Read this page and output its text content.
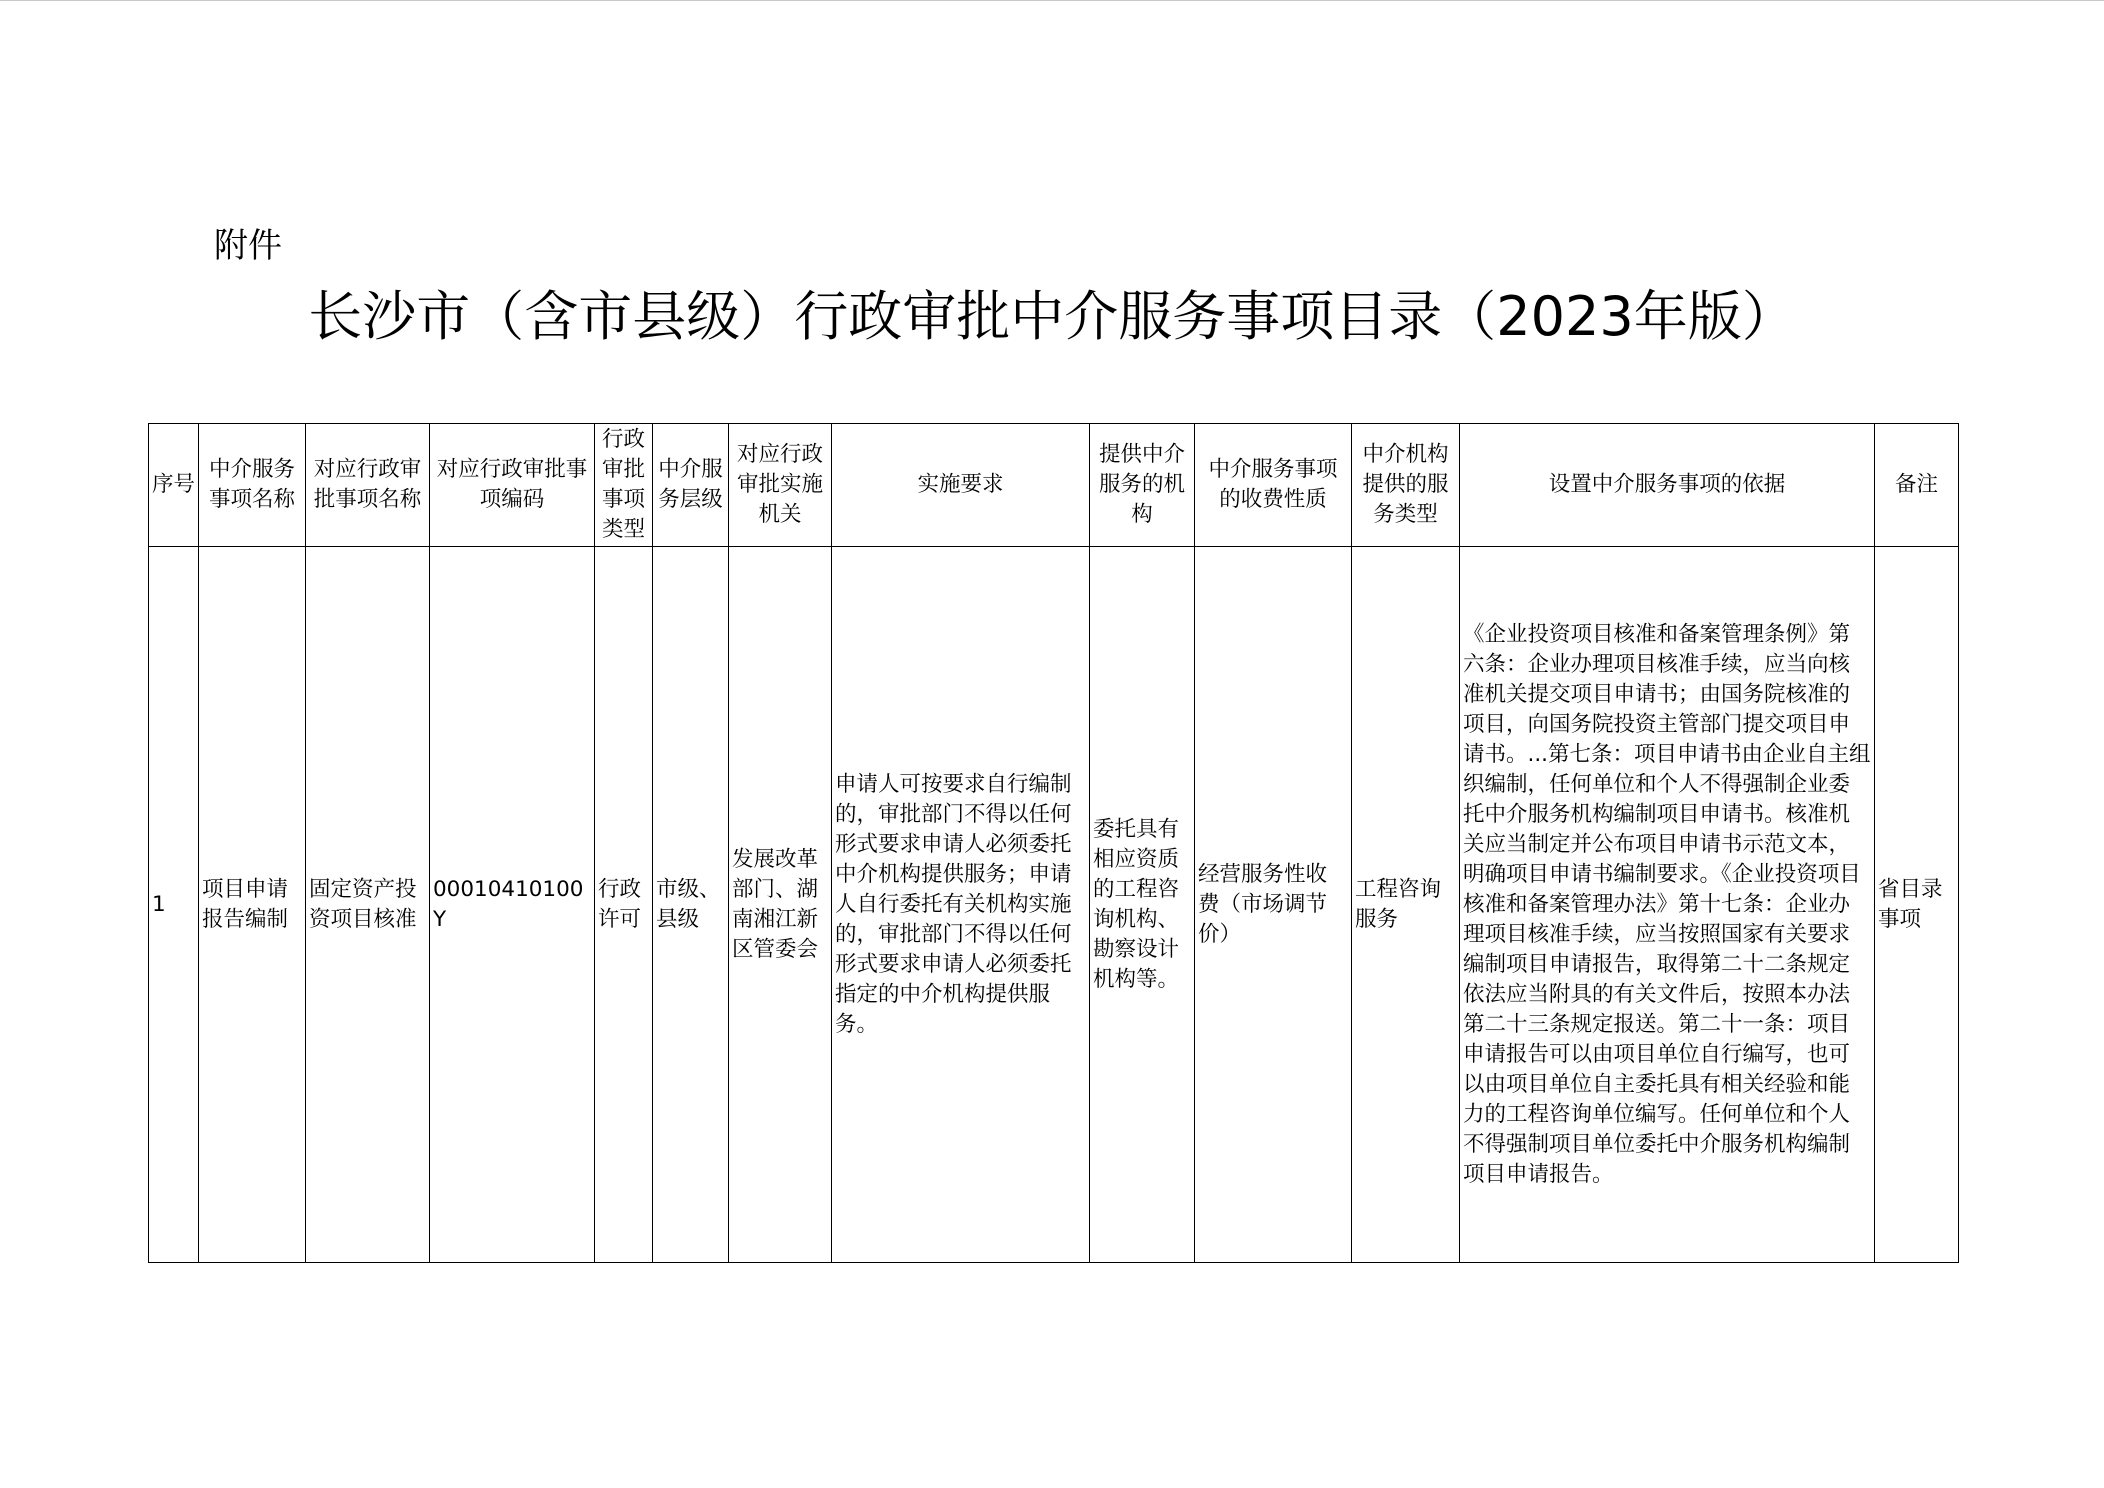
附件
长沙市（含市县级）行政审批中介服务事项目录（2023年版）
序号	中介服务事项名称	对应行政审批事项名称	对应行政审批事项编码	行政审批事项类型	中介服务层级	对应行政审批实施机关	实施要求	提供中介服务的机构	中介服务事项的收费性质	中介机构提供的服务类型	设置中介服务事项的依据	备注
1	项目申请报告编制	固定资产投资项目核准	00010410100Y	行政许可	市级、县级	发展改革部门、湖南湘江新区管委会	申请人可按要求自行编制的，审批部门不得以任何形式要求申请人必须委托中介机构提供服务；申请人自行委托有关机构实施的，审批部门不得以任何形式要求申请人必须委托指定的中介机构提供服务。	委托具有相应资质的工程咨询机构、勘察设计机构等。	经营服务性收费（市场调节价）	工程咨询服务	《企业投资项目核准和备案管理条例》第六条：企业办理项目核准手续，应当向核准机关提交项目申请书；由国务院核准的项目，向国务院投资主管部门提交项目申请书。...第七条：项目申请书由企业自主组织编制，任何单位和个人不得强制企业委托中介服务机构编制项目申请书。核准机关应当制定并公布项目申请书示范文本，明确项目申请书编制要求。《企业投资项目核准和备案管理办法》第十七条：企业办理项目核准手续，应当按照国家有关要求编制项目申请报告，取得第二十二条规定依法应当附具的有关文件后，按照本办法第二十三条规定报送。第二十一条：项目申请报告可以由项目单位自行编写，也可以由项目单位自主委托具有相关经验和能力的工程咨询单位编写。任何单位和个人不得强制项目单位委托中介服务机构编制项目申请报告。	省目录事项
